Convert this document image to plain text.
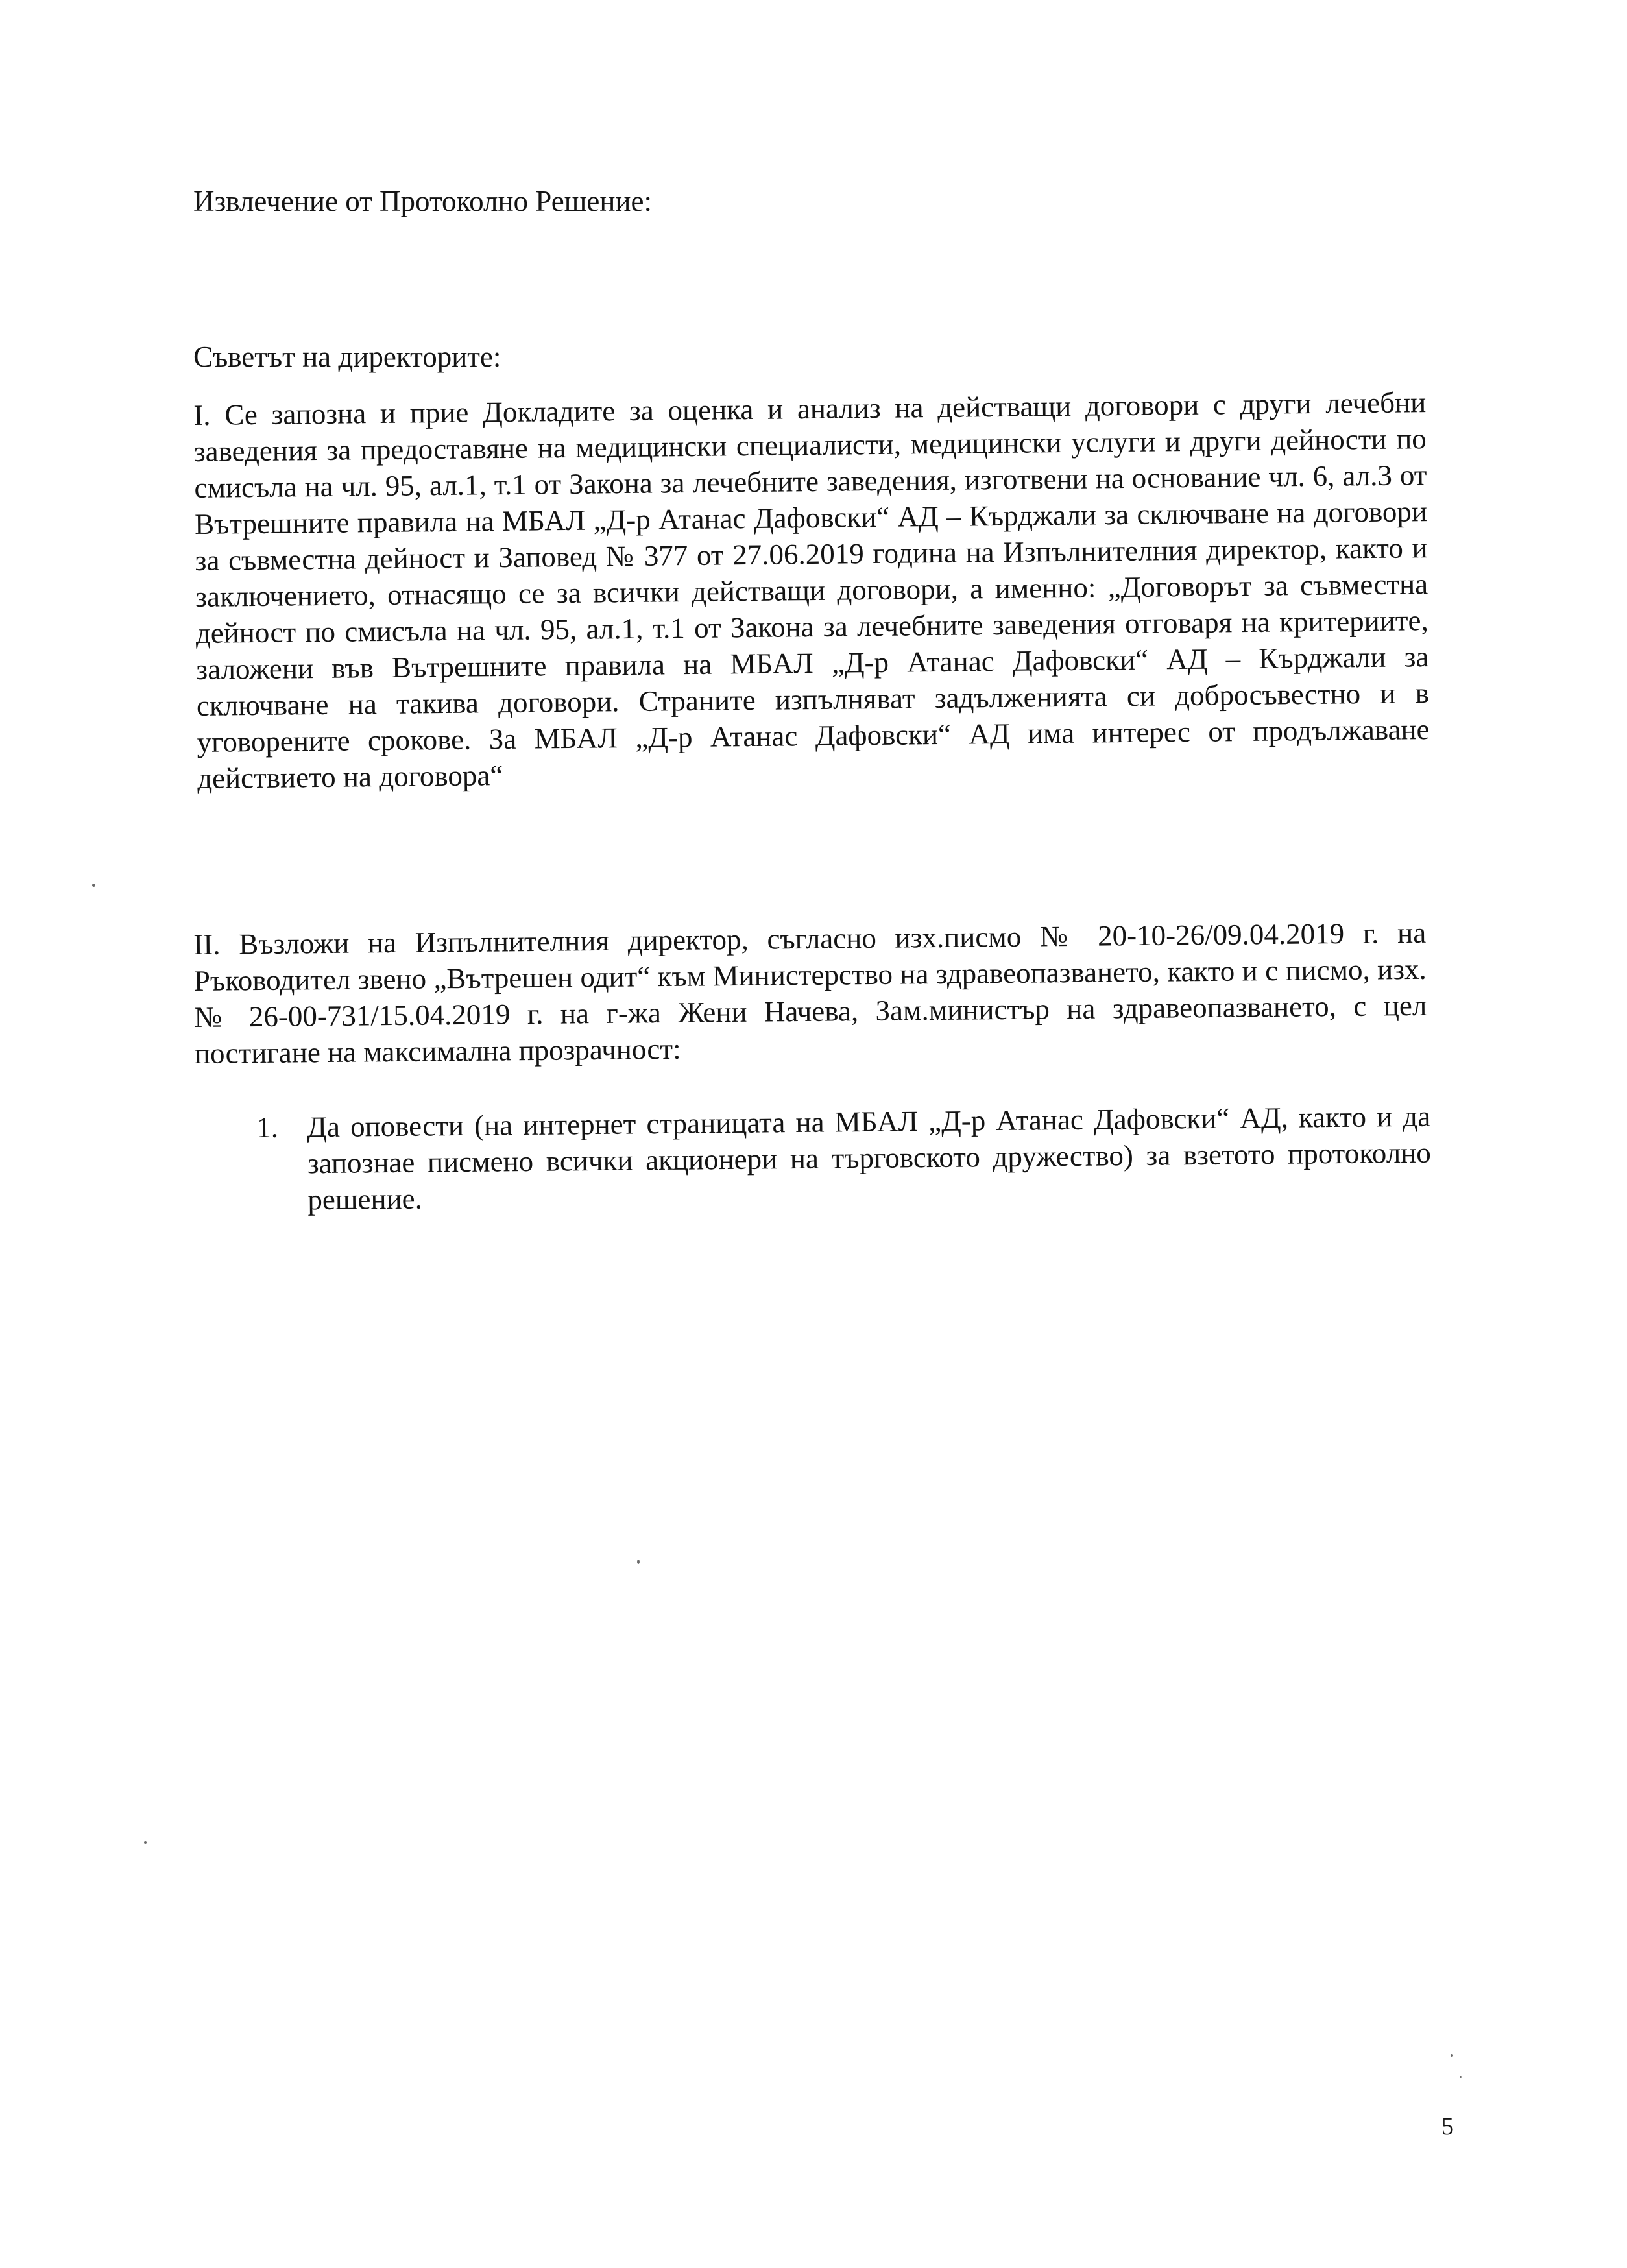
Извлечение от Протоколно Решение:
Съветът на директорите:
I. Се запозна и прие Докладите за оценка и анализ на действащи договори с други лечебни заведения за предоставяне на медицински специалисти, медицински услуги и други дейности по смисъла на чл. 95, ал.1, т.1 от Закона за лечебните заведения, изготвени на основание чл. 6, ал.3 от Вътрешните правила на МБАЛ „Д-р Атанас Дафовски“ АД – Кърджали за сключване на договори за съвместна дейност и Заповед № 377 от 27.06.2019 година на Изпълнителния директор, както и заключението, отнасящо се за всички действащи договори, а именно: „Договорът за съвместна дейност по смисъла на чл. 95, ал.1, т.1 от Закона за лечебните заведения отговаря на критериите, заложени във Вътрешните правила на МБАЛ „Д-р Атанас Дафовски“ АД – Кърджали за сключване на такива договори. Страните изпълняват задълженията си добросъвестно и в уговорените срокове. За МБАЛ „Д-р Атанас Дафовски“ АД има интерес от продължаване действието на договора“
II. Възложи на Изпълнителния директор, съгласно изх.писмо № 20-10-26/09.04.2019 г. на Ръководител звено „Вътрешен одит“ към Министерство на здравеопазването, както и с писмо, изх. № 26-00-731/15.04.2019 г. на г-жа Жени Начева, Зам.министър на здравеопазването, с цел постигане на максимална прозрачност:
1. Да оповести (на интернет страницата на МБАЛ „Д-р Атанас Дафовски“ АД, както и да запознае писмено всички акционери на търговското дружество) за взетото протоколно решение.
5
